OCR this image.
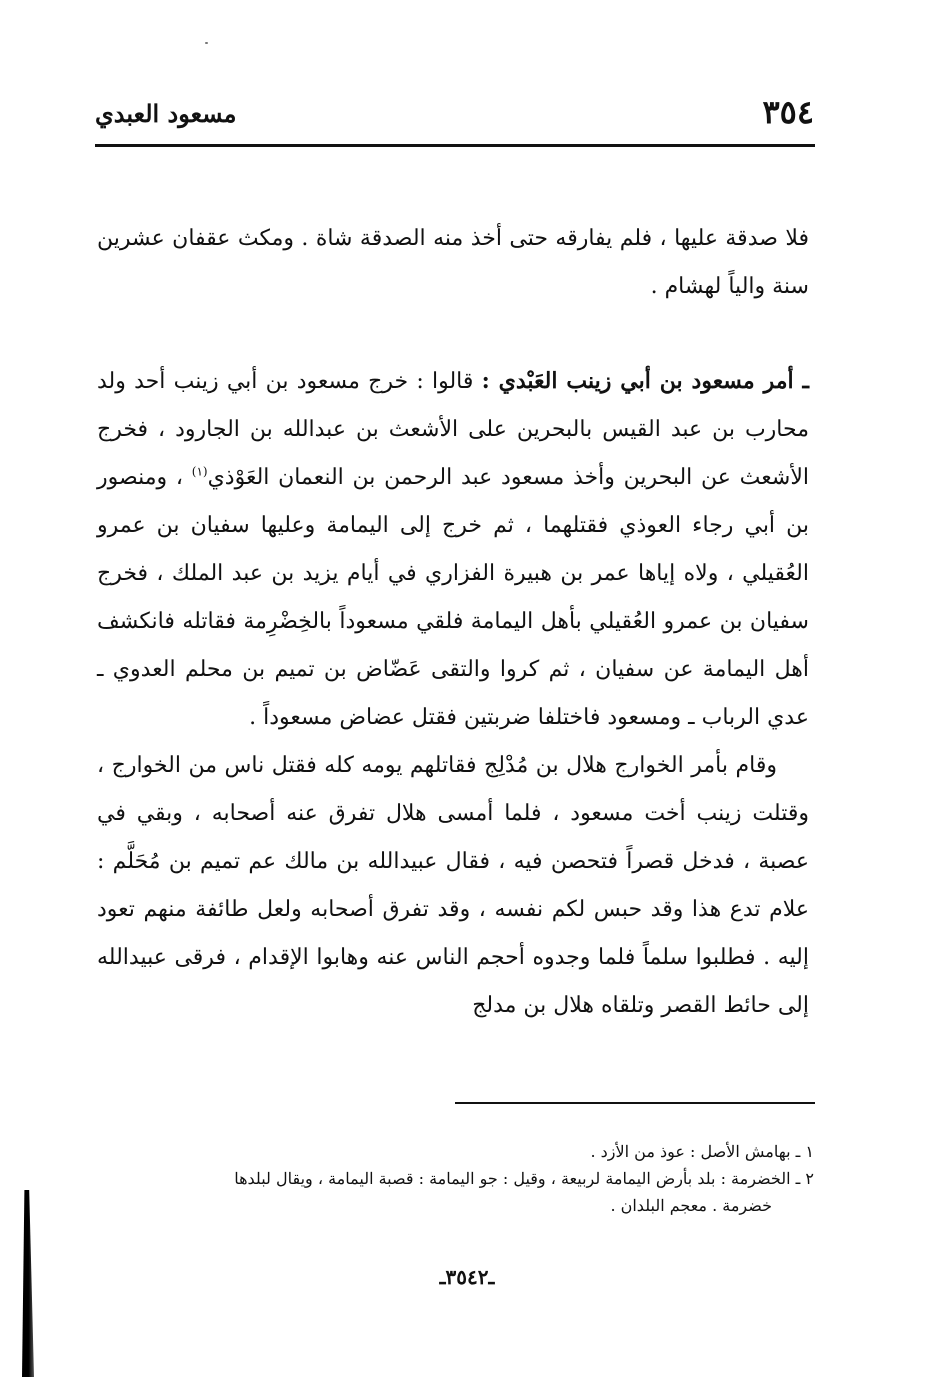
٣٥٤
مسعود العبدي

فلا صدقة عليها ، فلم يفارقه حتى أخذ منه الصدقة شاة . ومكث عقفان عشرين سنة والياً لهشام .

ـ أمر مسعود بن أبي زينب العَبْدي : قالوا : خرج مسعود بن أبي زينب أحد ولد محارب بن عبد القيس بالبحرين على الأشعث بن عبدالله بن الجارود ، فخرج الأشعث عن البحرين وأخذ مسعود عبد الرحمن بن النعمان العَوْذي$^{(١)}$ ، ومنصور بن أبي رجاء العوذي فقتلهما ، ثم خرج إلى اليمامة وعليها سفيان بن عمرو العُقيلي ، ولاه إياها عمر بن هبيرة الفزاري في أيام يزيد بن عبد الملك ، فخرج سفيان بن عمرو العُقيلي بأهل اليمامة فلقي مسعوداً بالخِضْرِمة فقاتله فانكشف أهل اليمامة عن سفيان ، ثم كروا والتقى عَضّاض بن تميم بن محلم العدوي ـ عدي الرباب ـ ومسعود فاختلفا ضربتين فقتل عضاض مسعوداً .

وقام بأمر الخوارج هلال بن مُدْلِج فقاتلهم يومه كله فقتل ناس من الخوارج ، وقتلت زينب أخت مسعود ، فلما أمسى هلال تفرق عنه أصحابه ، وبقي في عصبة ، فدخل قصراً فتحصن فيه ، فقال عبيدالله بن مالك عم تميم بن مُحَلَّم : علام تدع هذا وقد حبس لكم نفسه ، وقد تفرق أصحابه ولعل طائفة منهم تعود إليه . فطلبوا سلماً فلما وجدوه أحجم الناس عنه وهابوا الإقدام ، فرقى عبيدالله إلى حائط القصر وتلقاه هلال بن مدلج

١ ـ بهامش الأصل : عوذ من الأزد .

٢ ـ الخضرمة : بلد بأرض اليمامة لربيعة ، وقيل : جو اليمامة : قصبة اليمامة ، ويقال لبلدها

خضرمة . معجم البلدان .

ـ٣٥٤٢ـ
